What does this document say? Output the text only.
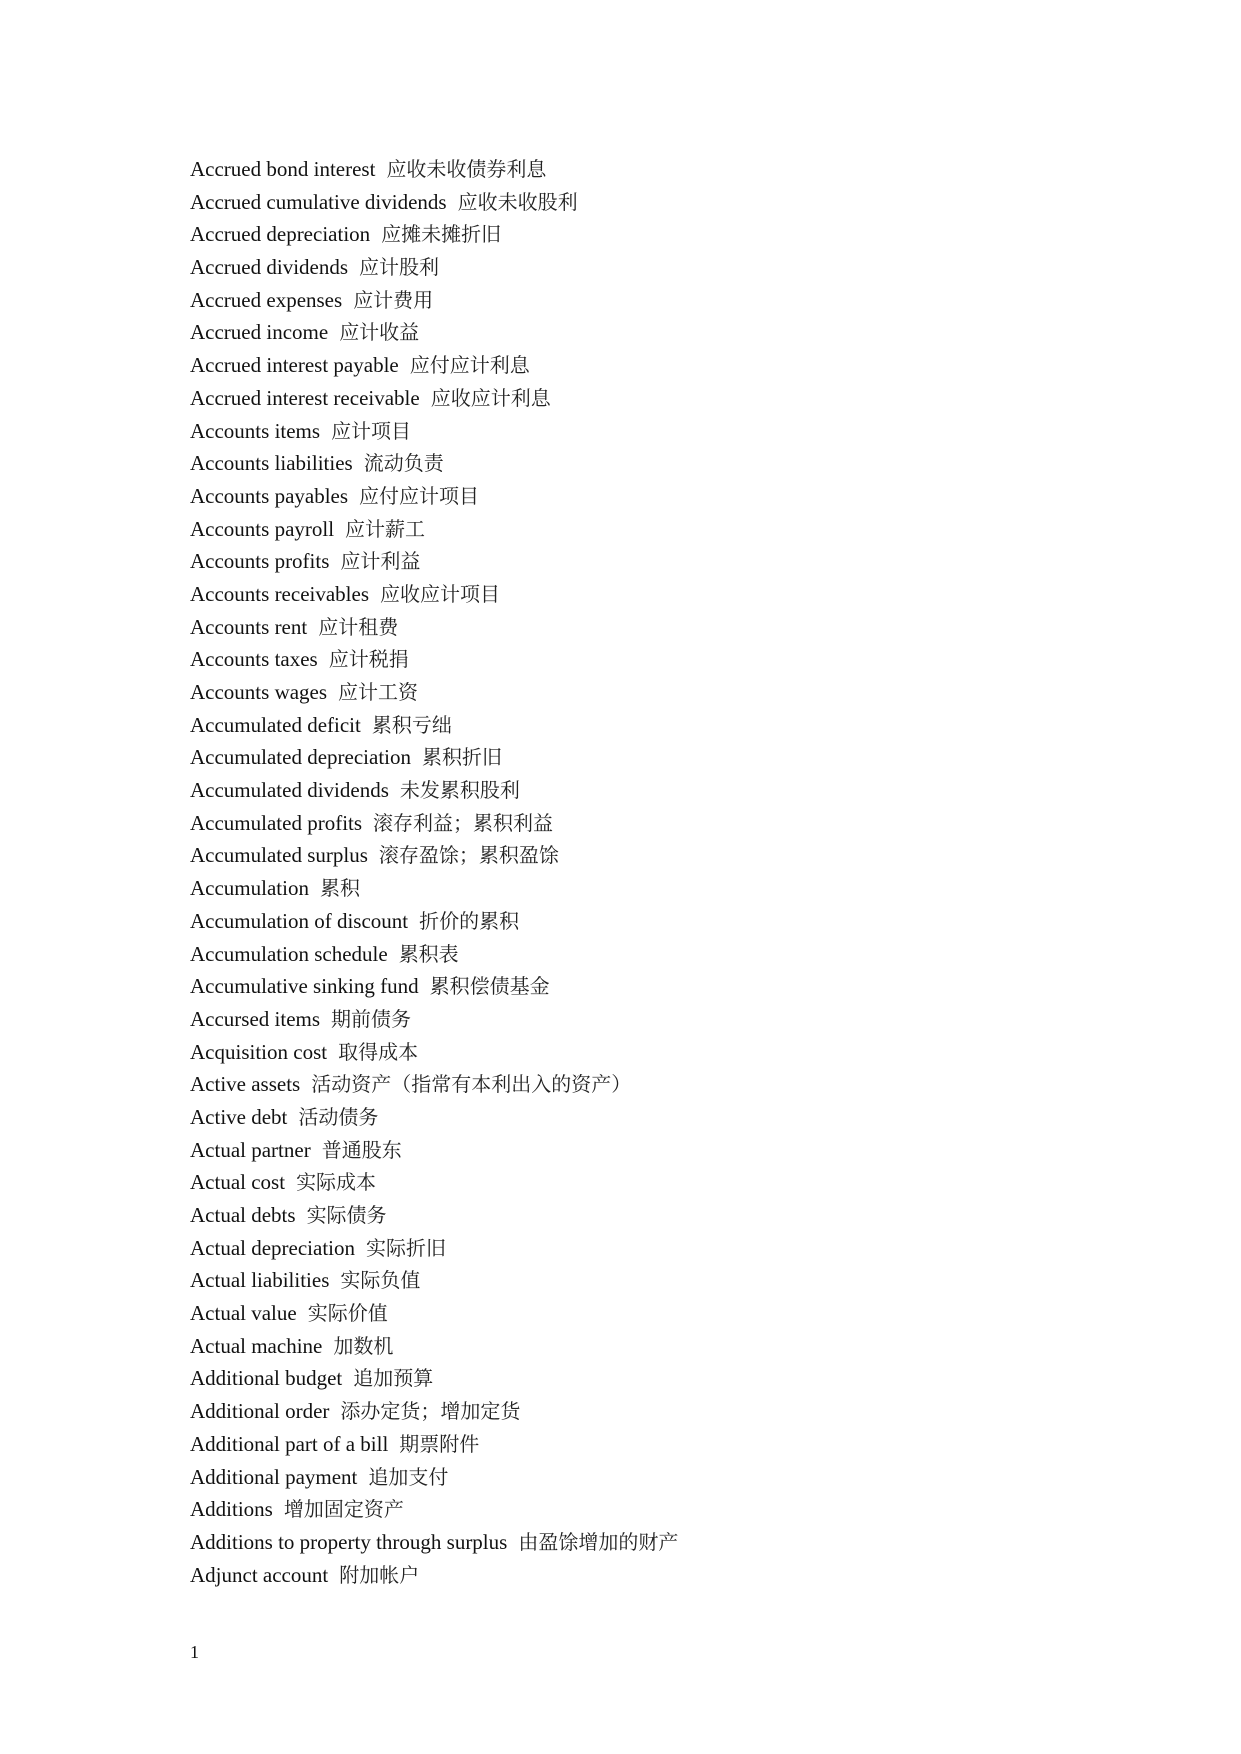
Accrued bond interest 应收未收债券利息
Accrued cumulative dividends 应收未收股利
Accrued depreciation 应摊未摊折旧
Accrued dividends 应计股利
Accrued expenses 应计费用
Accrued income 应计收益
Accrued interest payable 应付应计利息
Accrued interest receivable 应收应计利息
Accounts items 应计项目
Accounts liabilities 流动负责
Accounts payables 应付应计项目
Accounts payroll 应计薪工
Accounts profits 应计利益
Accounts receivables 应收应计项目
Accounts rent 应计租费
Accounts taxes 应计税捐
Accounts wages 应计工资
Accumulated deficit 累积亏绌
Accumulated depreciation 累积折旧
Accumulated dividends 未发累积股利
Accumulated profits 滚存利益；累积利益
Accumulated surplus 滚存盈馀；累积盈馀
Accumulation 累积
Accumulation of discount 折价的累积
Accumulation schedule 累积表
Accumulative sinking fund 累积偿债基金
Accursed items 期前债务
Acquisition cost 取得成本
Active assets 活动资产（指常有本利出入的资产）
Active debt 活动债务
Actual partner 普通股东
Actual cost 实际成本
Actual debts 实际债务
Actual depreciation 实际折旧
Actual liabilities 实际负值
Actual value 实际价值
Actual machine 加数机
Additional budget 追加预算
Additional order 添办定货；增加定货
Additional part of a bill 期票附件
Additional payment 追加支付
Additions 增加固定资产
Additions to property through surplus 由盈馀增加的财产
Adjunct account 附加帐户
1
